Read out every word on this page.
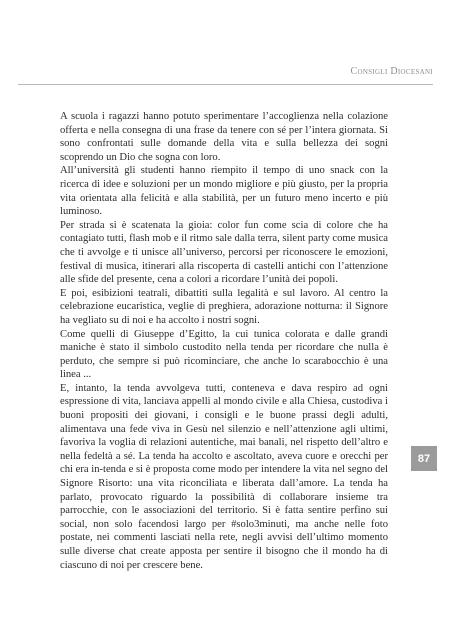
Consigli Diocesani

A scuola i ragazzi hanno potuto sperimentare l’accoglienza nella colazione offerta e nella consegna di una frase da tenere con sé per l’intera giornata. Si sono confrontati sulle domande della vita e sulla bellezza dei sogni scoprendo un Dio che sogna con loro.

All’università gli studenti hanno riempito il tempo di uno snack con la ricerca di idee e soluzioni per un mondo migliore e più giusto, per la propria vita orientata alla felicità e alla stabilità, per un futuro meno incerto e più luminoso.

Per strada si è scatenata la gioia: color fun come scia di colore che ha contagiato tutti, flash mob e il ritmo sale dalla terra, silent party come musica che ti avvolge e ti unisce all’universo, percorsi per riconoscere le emozioni, festival di musica, itinerari alla riscoperta di castelli antichi con l’attenzione alle sfide del presente, cena a colori a ricordare l’unità dei popoli.

E poi, esibizioni teatrali, dibattiti sulla legalità e sul lavoro. Al centro la celebrazione eucaristica, veglie di preghiera, adorazione notturna: il Signore ha vegliato su di noi e ha accolto i nostri sogni.

Come quelli di Giuseppe d’Egitto, la cui tunica colorata e dalle grandi maniche è stato il simbolo custodito nella tenda per ricordare che nulla è perduto, che sempre si può ricominciare, che anche lo scarabocchio è una linea ...

E, intanto, la tenda avvolgeva tutti, conteneva e dava respiro ad ogni espressione di vita, lanciava appelli al mondo civile e alla Chiesa, custodiva i buoni propositi dei giovani, i consigli e le buone prassi degli adulti, alimentava una fede viva in Gesù nel silenzio e nell’attenzione agli ultimi, favoriva la voglia di relazioni autentiche, mai banali, nel rispetto dell’altro e nella fedeltà a sé. La tenda ha accolto e ascoltato, aveva cuore e orecchi per chi era in-tenda e si è proposta come modo per intendere la vita nel segno del Signore Risorto: una vita riconciliata e liberata dall’amore. La tenda ha parlato, provocato riguardo la possibilità di collaborare insieme tra parrocchie, con le associazioni del territorio. Si è fatta sentire perfino sui social, non solo facendosi largo per #solo3minuti, ma anche nelle foto postate, nei commenti lasciati nella rete, negli avvisi dell’ultimo momento sulle diverse chat create apposta per sentire il bisogno che il mondo ha di ciascuno di noi per crescere bene.

87
